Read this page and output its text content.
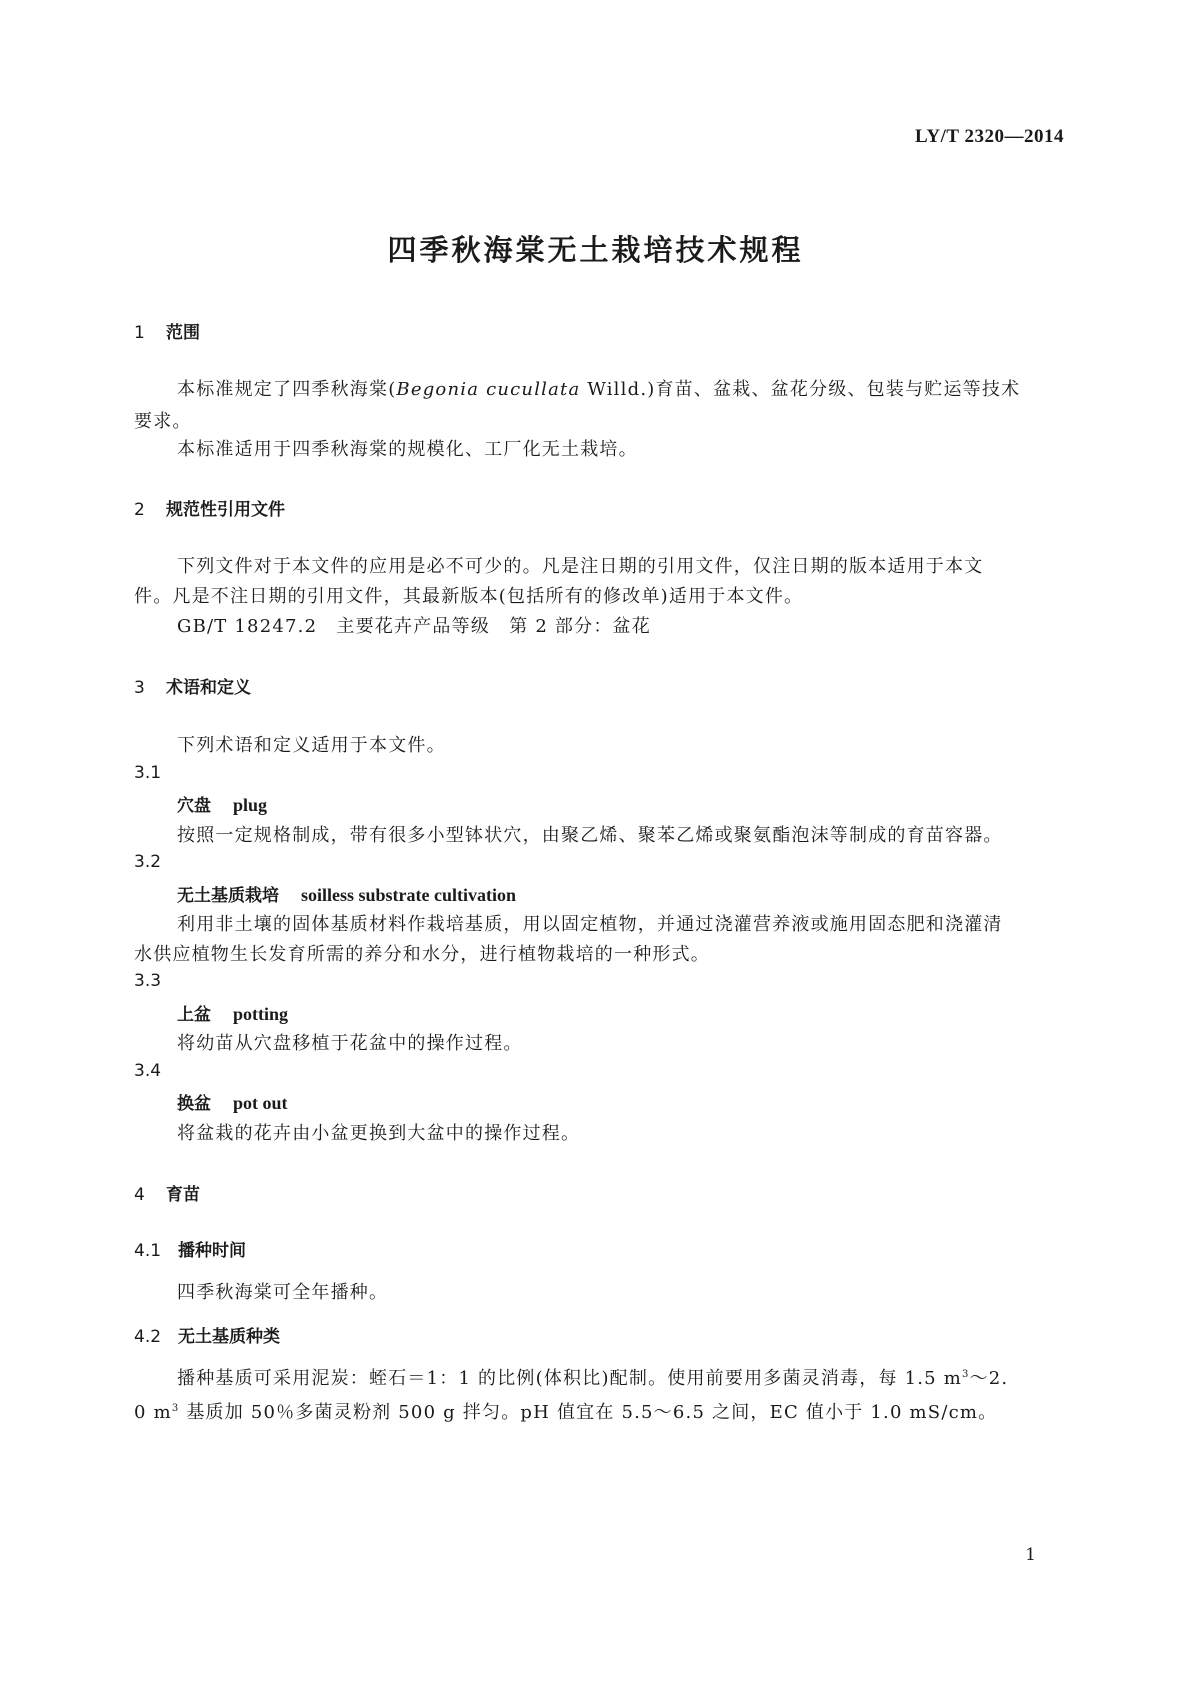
LY/T 2320—2014
四季秋海棠无土栽培技术规程
1 范围
本标准规定了四季秋海棠(Begonia cucullata Willd.)育苗、盆栽、盆花分级、包装与贮运等技术
要求。
本标准适用于四季秋海棠的规模化、工厂化无土栽培。
2 规范性引用文件
下列文件对于本文件的应用是必不可少的。凡是注日期的引用文件，仅注日期的版本适用于本文
件。凡是不注日期的引用文件，其最新版本(包括所有的修改单)适用于本文件。
GB/T 18247.2　主要花卉产品等级　第 2 部分：盆花
3 术语和定义
下列术语和定义适用于本文件。
3.1
穴盘 plug
按照一定规格制成，带有很多小型钵状穴，由聚乙烯、聚苯乙烯或聚氨酯泡沫等制成的育苗容器。
3.2
无土基质栽培 soilless substrate cultivation
利用非土壤的固体基质材料作栽培基质，用以固定植物，并通过浇灌营养液或施用固态肥和浇灌清
水供应植物生长发育所需的养分和水分，进行植物栽培的一种形式。
3.3
上盆 potting
将幼苗从穴盘移植于花盆中的操作过程。
3.4
换盆 pot out
将盆栽的花卉由小盆更换到大盆中的操作过程。
4 育苗
4.1 播种时间
四季秋海棠可全年播种。
4.2 无土基质种类
播种基质可采用泥炭：蛭石＝1：1 的比例(体积比)配制。使用前要用多菌灵消毒，每 1.5 $m^3\sim 2$.
0 $m^3$ 基质加 50％多菌灵粉剂 500 g 拌匀。pH 值宜在 5.5～6.5 之间，EC 值小于 1.0 mS/cm。
1
